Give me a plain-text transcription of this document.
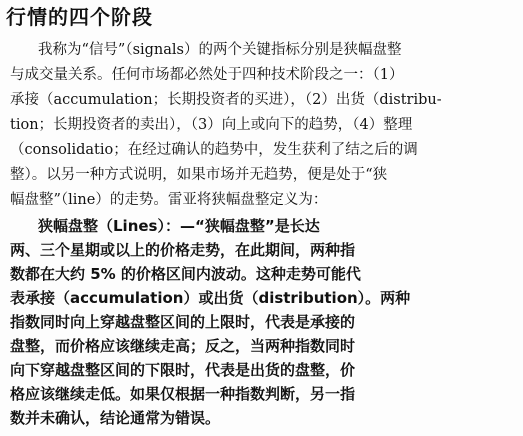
行情的四个阶段
我称为“信号”（signals）的两个关键指标分别是狭幅盘整
与成交量关系。任何市场都必然处于四种技术阶段之一：（1）
承接（accumulation；长期投资者的买进），（2）出货（distribu-
tion；长期投资者的卖出），（3）向上或向下的趋势，（4）整理
（consolidatio；在经过确认的趋势中，发生获利了结之后的调
整）。以另一种方式说明，如果市场并无趋势，便是处于“狭
幅盘整”（line）的走势。雷亚将狭幅盘整定义为：
狭幅盘整（Lines）：—“狭幅盘整”是长达
两、三个星期或以上的价格走势，在此期间，两种指
数都在大约 5% 的价格区间内波动。这种走势可能代
表承接（accumulation）或出货（distribution）。两种
指数同时向上穿越盘整区间的上限时，代表是承接的
盘整，而价格应该继续走高；反之，当两种指数同时
向下穿越盘整区间的下限时，代表是出货的盘整，价
格应该继续走低。如果仅根据一种指数判断，另一指
数并未确认，结论通常为错误。
